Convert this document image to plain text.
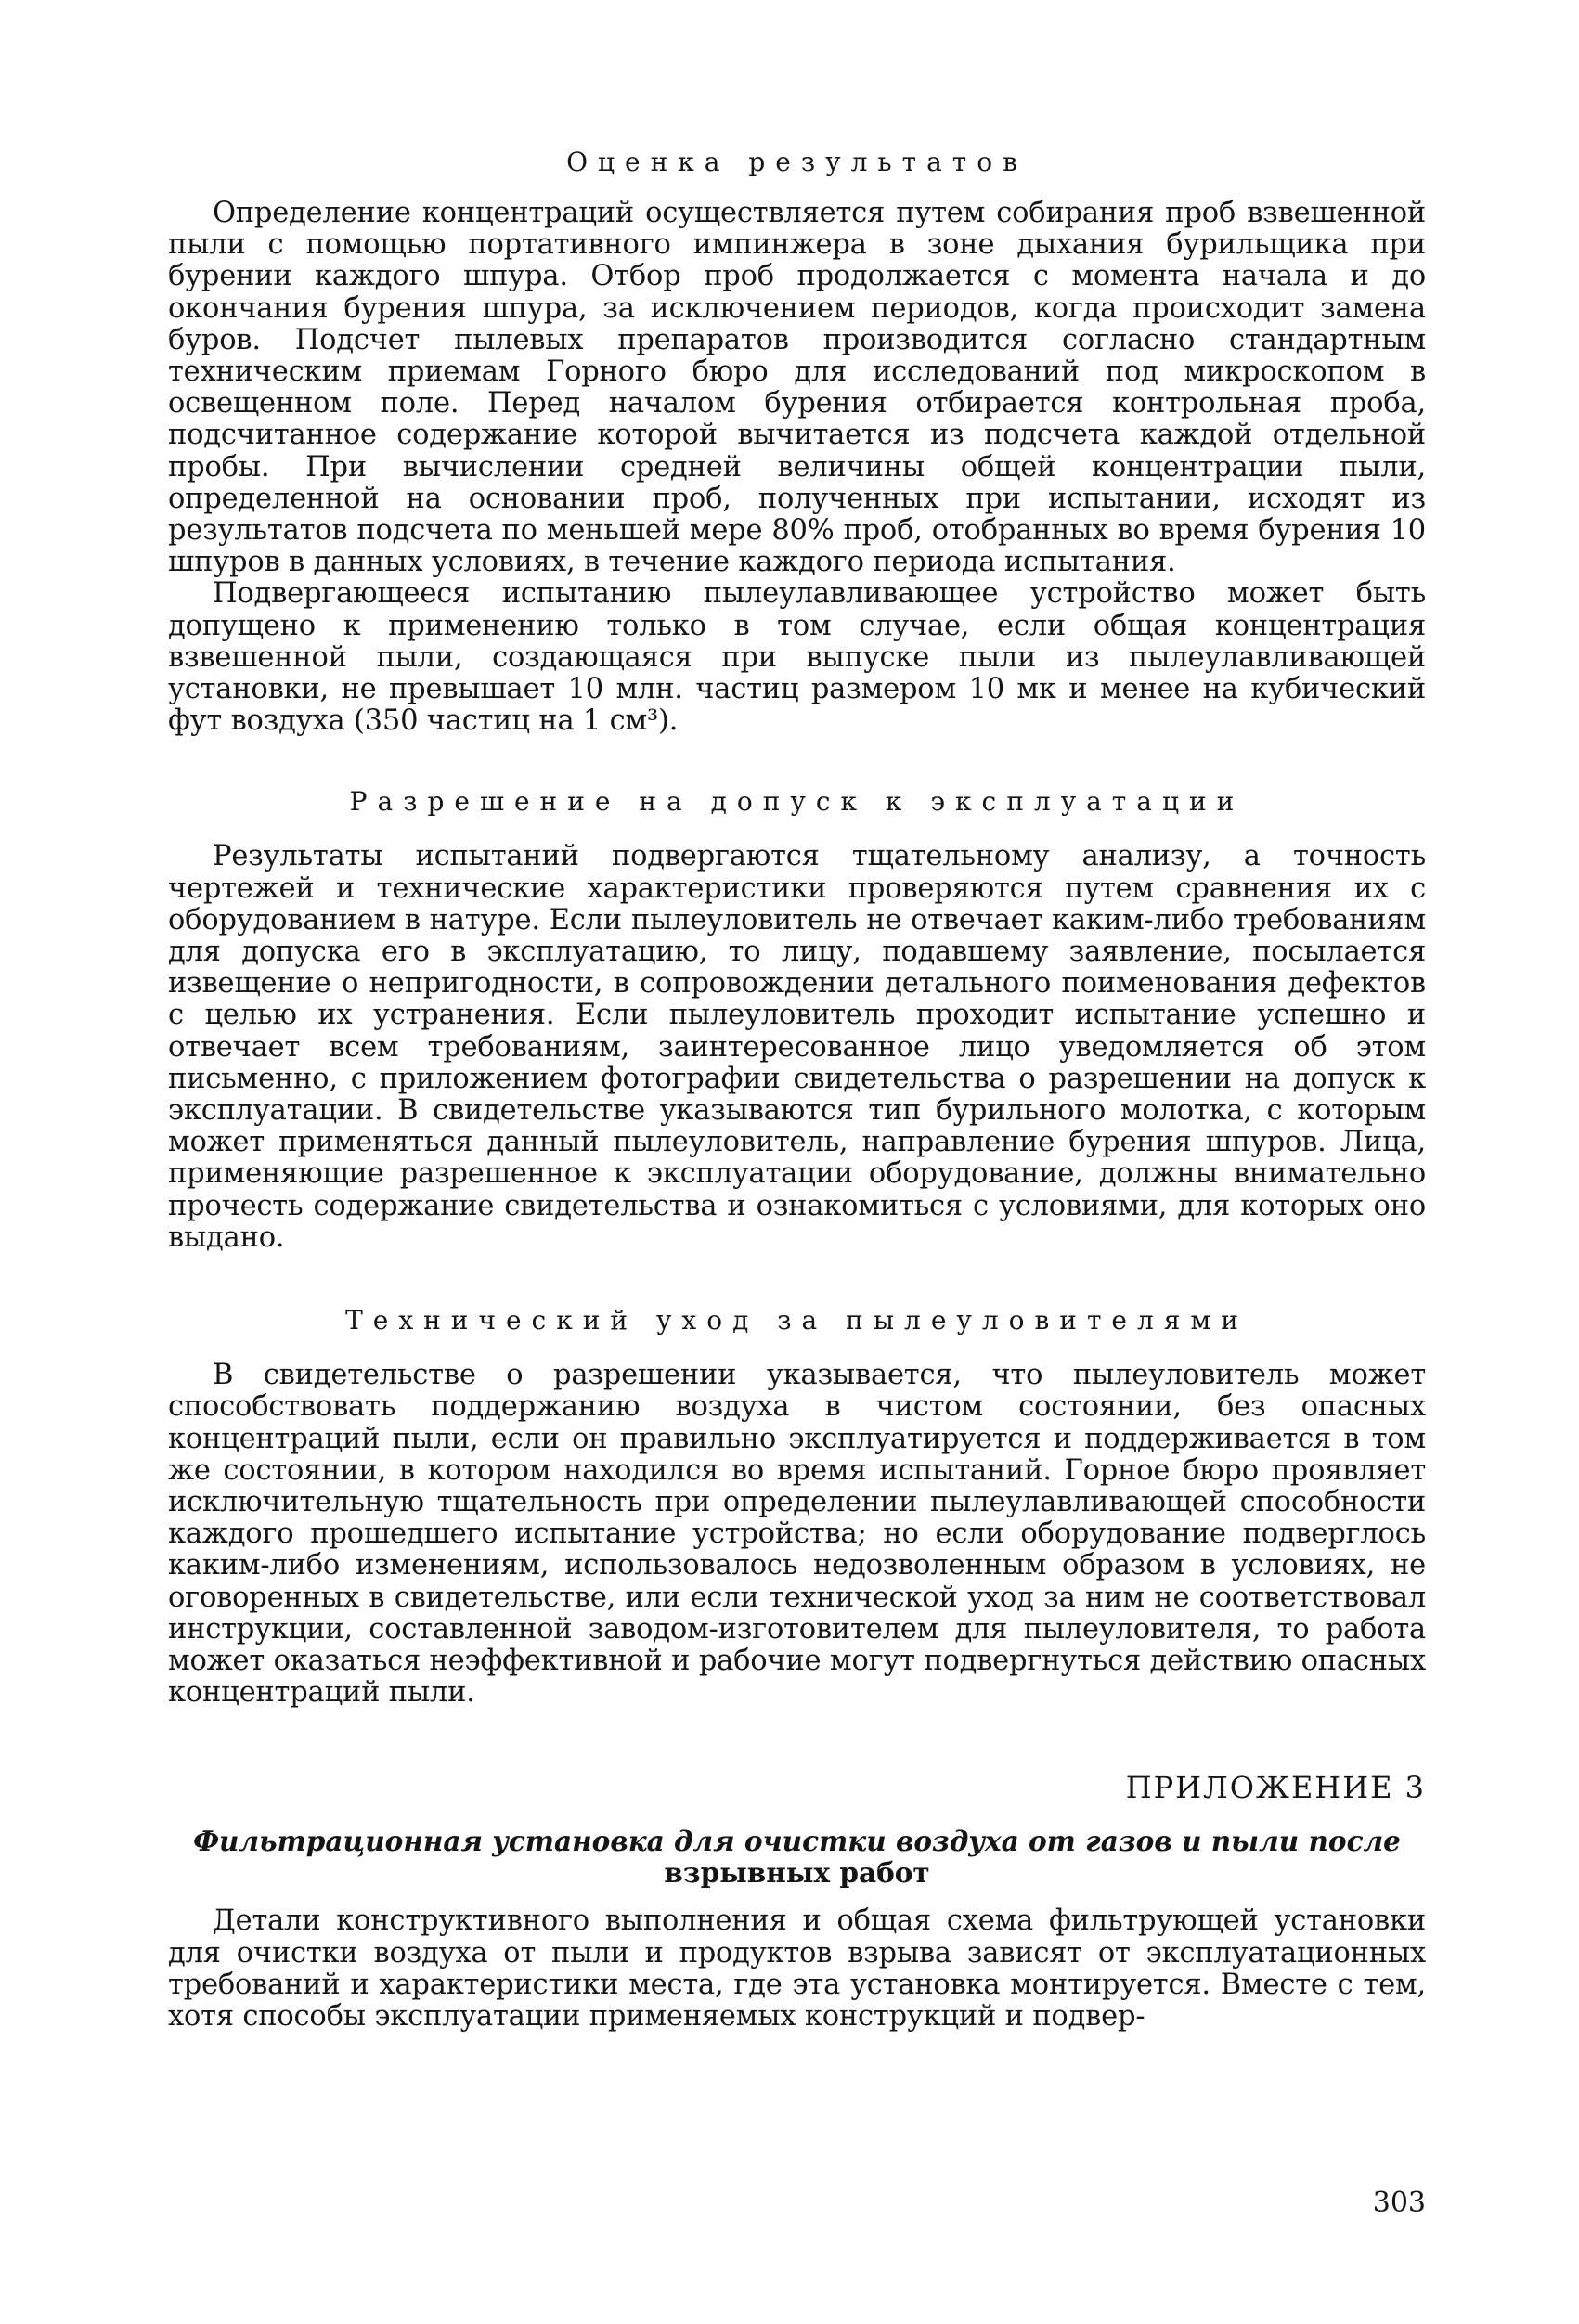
Оценка результатов

Определение концентраций осуществляется путем собирания проб взвешенной пыли с помощью портативного импинжера в зоне дыхания бурильщика при бурении каждого шпура. Отбор проб продолжается с момента начала и до окончания бурения шпура, за исключением периодов, когда происходит замена буров. Подсчет пылевых препаратов производится согласно стандартным техническим приемам Горного бюро для исследований под микроскопом в освещенном поле. Перед началом бурения отбирается контрольная проба, подсчитанное содержание которой вычитается из подсчета каждой отдельной пробы. При вычислении средней величины общей концентрации пыли, определенной на основании проб, полученных при испытании, исходят из результатов подсчета по меньшей мере 80% проб, отобранных во время бурения 10 шпуров в данных условиях, в течение каждого периода испытания.

Подвергающееся испытанию пылеулавливающее устройство может быть допущено к применению только в том случае, если общая концентрация взвешенной пыли, создающаяся при выпуске пыли из пылеулавливающей установки, не превышает 10 млн. частиц размером 10 мк и менее на кубический фут воздуха (350 частиц на 1 см³).

Разрешение на допуск к эксплуатации

Результаты испытаний подвергаются тщательному анализу, а точность чертежей и технические характеристики проверяются путем сравнения их с оборудованием в натуре. Если пылеуловитель не отвечает каким-либо требованиям для допуска его в эксплуатацию, то лицу, подавшему заявление, посылается извещение о непригодности, в сопровождении детального поименования дефектов с целью их устранения. Если пылеуловитель проходит испытание успешно и отвечает всем требованиям, заинтересованное лицо уведомляется об этом письменно, с приложением фотографии свидетельства о разрешении на допуск к эксплуатации. В свидетельстве указываются тип бурильного молотка, с которым может применяться данный пылеуловитель, направление бурения шпуров. Лица, применяющие разрешенное к эксплуатации оборудование, должны внимательно прочесть содержание свидетельства и ознакомиться с условиями, для которых оно выдано.

Технический уход за пылеуловителями

В свидетельстве о разрешении указывается, что пылеуловитель может способствовать поддержанию воздуха в чистом состоянии, без опасных концентраций пыли, если он правильно эксплуатируется и поддерживается в том же состоянии, в котором находился во время испытаний. Горное бюро проявляет исключительную тщательность при определении пылеулавливающей способности каждого прошедшего испытание устройства; но если оборудование подверглось каким-либо изменениям, использовалось недозволенным образом в условиях, не оговоренных в свидетельстве, или если техническoй уход за ним не соответствовал инструкции, составленной заводом-изготовителем для пылеуловителя, то работа может оказаться неэффективной и рабочие могут подвергнуться действию опасных концентраций пыли.

ПРИЛОЖЕНИЕ 3
Фильтрационная установка для очистки воздуха от газов и пыли после
взрывных работ

Детали конструктивного выполнения и общая схема фильтрующей установки для очистки воздуха от пыли и продуктов взрыва зависят от эксплуатационных требований и характеристики места, где эта установка монтируется. Вместе с тем, хотя способы эксплуатации применяемых конструкций и подвер-

303
